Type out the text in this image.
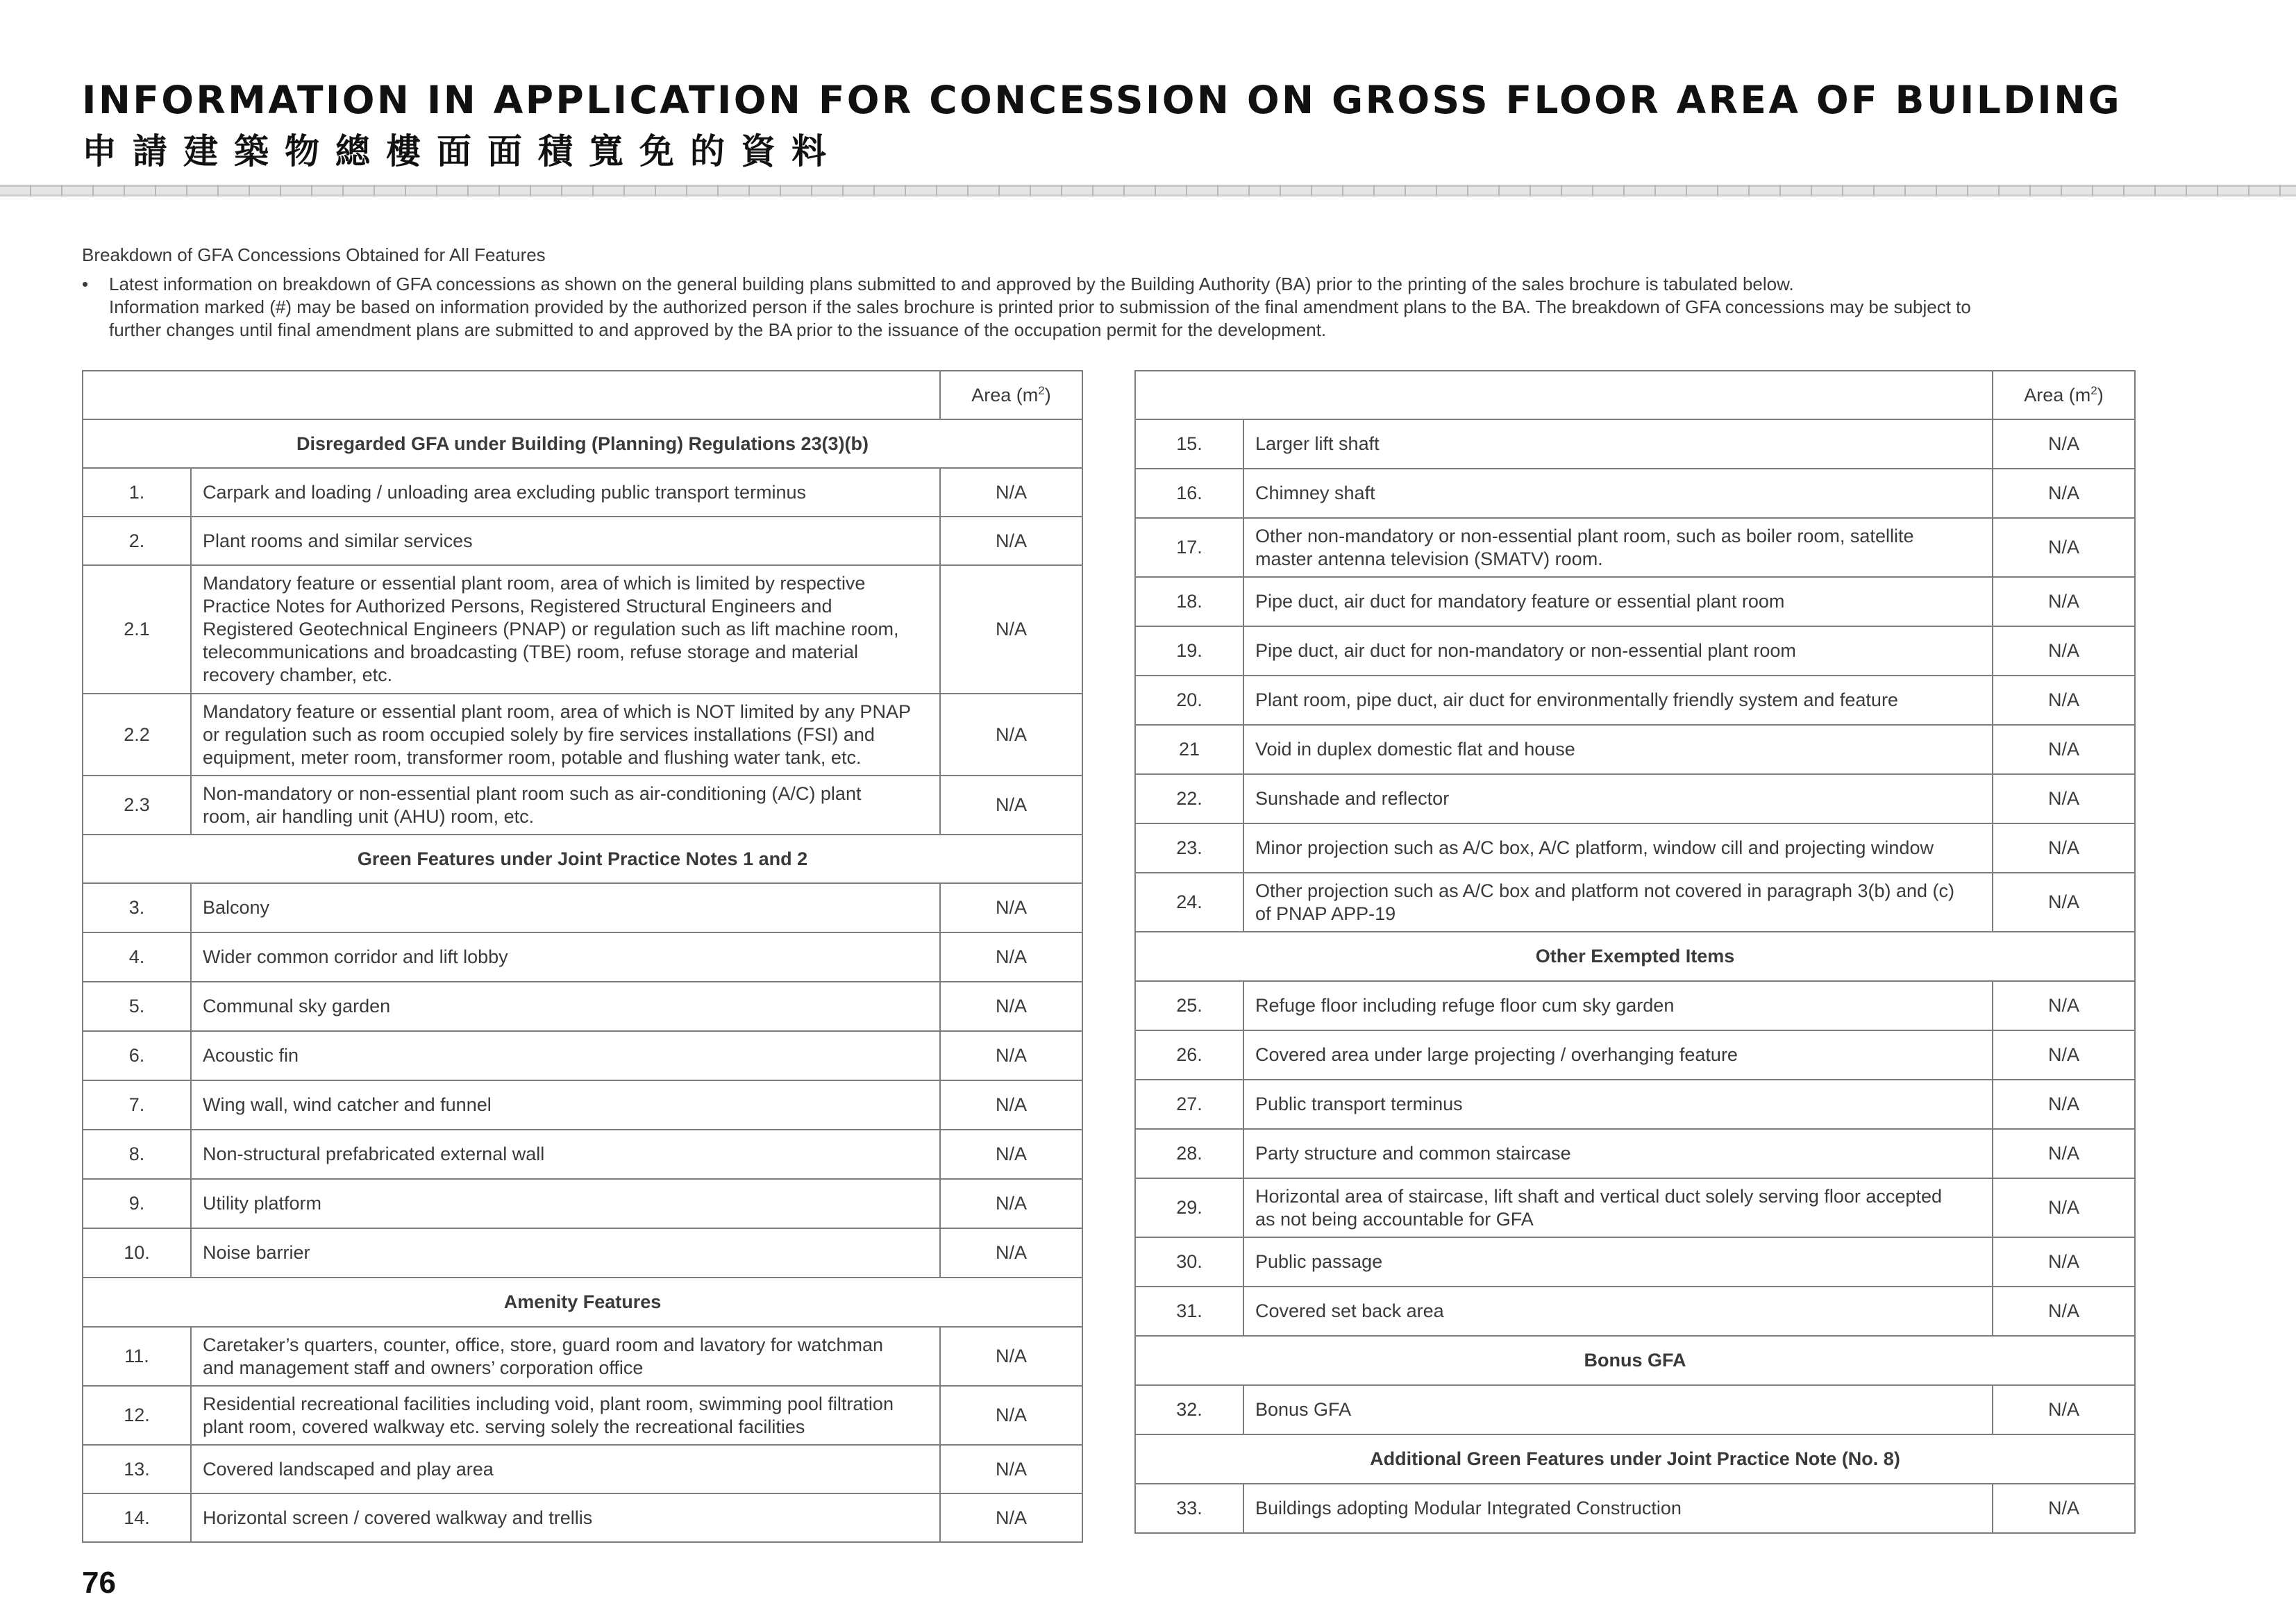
INFORMATION IN APPLICATION FOR CONCESSION ON GROSS FLOOR AREA OF BUILDING
申請建築物總樓面面積寬免的資料

Breakdown of GFA Concessions Obtained for All Features

• Latest information on breakdown of GFA concessions as shown on the general building plans submitted to and approved by the Building Authority (BA) prior to the printing of the sales brochure is tabulated below.
Information marked (#) may be based on information provided by the authorized person if the sales brochure is printed prior to submission of the final amendment plans to the BA. The breakdown of GFA concessions may be subject to
further changes until final amendment plans are submitted to and approved by the BA prior to the issuance of the occupation permit for the development.
		Area $(m^2)$
Disregarded GFA under Building (Planning) Regulations 23(3)(b)		
1.	Carpark and loading / unloading area excluding public transport terminus	N/A
2.	Plant rooms and similar services	N/A
2.1	Mandatory feature or essential plant room, area of which is limited by respective
Practice Notes for Authorized Persons, Registered Structural Engineers and
Registered Geotechnical Engineers (PNAP) or regulation such as lift machine room,
telecommunications and broadcasting (TBE) room, refuse storage and material
recovery chamber, etc.	N/A
2.2	Mandatory feature or essential plant room, area of which is NOT limited by any PNAP
or regulation such as room occupied solely by fire services installations (FSI) and
equipment, meter room, transformer room, potable and flushing water tank, etc.	N/A
2.3	Non-mandatory or non-essential plant room such as air-conditioning (A/C) plant
room, air handling unit (AHU) room, etc.	N/A
Green Features under Joint Practice Notes 1 and 2		
3.	Balcony	N/A
4.	Wider common corridor and lift lobby	N/A
5.	Communal sky garden	N/A
6.	Acoustic fin	N/A
7.	Wing wall, wind catcher and funnel	N/A
8.	Non-structural prefabricated external wall	N/A
9.	Utility platform	N/A
10.	Noise barrier	N/A
Amenity Features		
11.	Caretaker’s quarters, counter, office, store, guard room and lavatory for watchman
and management staff and owners’ corporation office	N/A
12.	Residential recreational facilities including void, plant room, swimming pool filtration
plant room, covered walkway etc. serving solely the recreational facilities	N/A
13.	Covered landscaped and play area	N/A
14.	Horizontal screen / covered walkway and trellis	N/A
		Area $(m^2)$
15.	Larger lift shaft	N/A
16.	Chimney shaft	N/A
17.	Other non-mandatory or non-essential plant room, such as boiler room, satellite
master antenna television (SMATV) room.	N/A
18.	Pipe duct, air duct for mandatory feature or essential plant room	N/A
19.	Pipe duct, air duct for non-mandatory or non-essential plant room	N/A
20.	Plant room, pipe duct, air duct for environmentally friendly system and feature	N/A
21	Void in duplex domestic flat and house	N/A
22.	Sunshade and reflector	N/A
23.	Minor projection such as A/C box, A/C platform, window cill and projecting window	N/A
24.	Other projection such as A/C box and platform not covered in paragraph 3(b) and (c)
of PNAP APP-19	N/A
Other Exempted Items		
25.	Refuge floor including refuge floor cum sky garden	N/A
26.	Covered area under large projecting / overhanging feature	N/A
27.	Public transport terminus	N/A
28.	Party structure and common staircase	N/A
29.	Horizontal area of staircase, lift shaft and vertical duct solely serving floor accepted
as not being accountable for GFA	N/A
30.	Public passage	N/A
31.	Covered set back area	N/A
Bonus GFA		
32.	Bonus GFA	N/A
Additional Green Features under Joint Practice Note (No. 8)		
33.	Buildings adopting Modular Integrated Construction	N/A

76
